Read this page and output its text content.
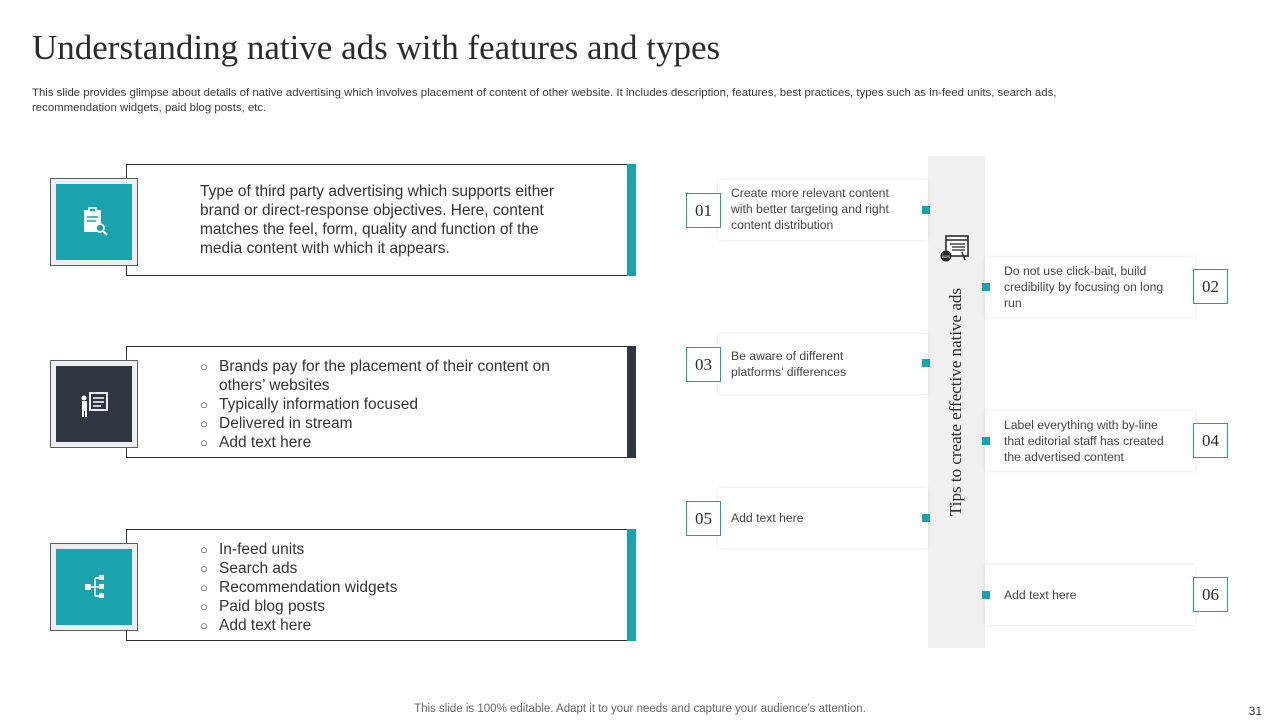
Understanding native ads with features and types
This slide provides glimpse about details of native advertising which involves placement of content of other website. It includes description, features, best practices, types such as in-feed units, search ads, recommendation widgets, paid blog posts, etc.
Type of third party advertising which supports either brand or direct-response objectives. Here, content matches the feel, form, quality and function of the media content with which it appears.
○ Brands pay for the placement of their content on others’ websites
○ Typically information focused
○ Delivered in stream
○ Add text here
○ In-feed units
○ Search ads
○ Recommendation widgets
○ Paid blog posts
○ Add text here
ADS
Tips to create effective native ads
01
Create more relevant content with better targeting and right content distribution
03	Be aware of different platforms’ differences
05	Add text here
Do not use click-bait, build credibility by focusing on long run
02
Label everything with by-line that editorial staff has created the advertised content
04
Add text here	06
This slide is 100% editable. Adapt it to your needs and capture your audience’s attention.	31
